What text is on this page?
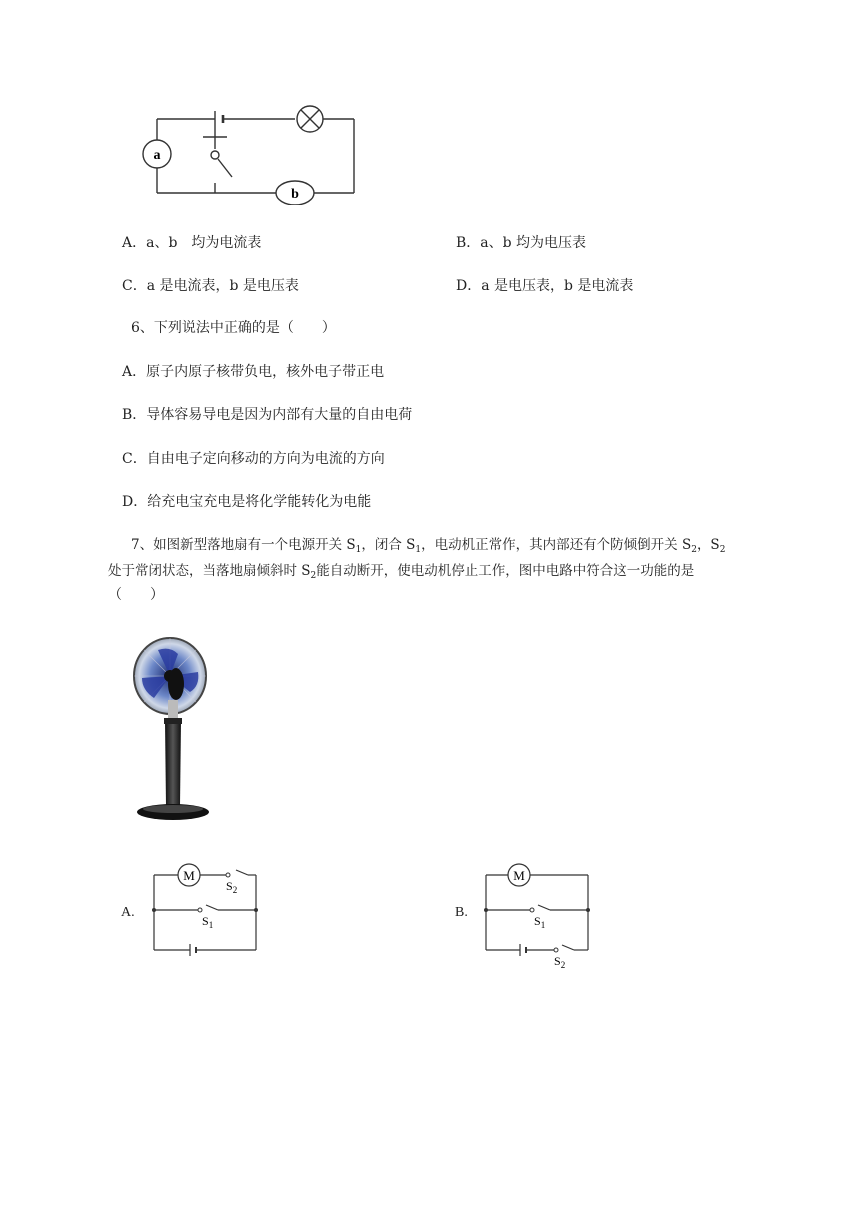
a
b
A．a、b　均为电流表	B．a、b 均为电压表
C．a 是电流表，b 是电压表	D．a 是电压表，b 是电流表
6、下列说法中正确的是（　　）
A．原子内原子核带负电，核外电子带正电
B．导体容易导电是因为内部有大量的自由电荷
C．自由电子定向移动的方向为电流的方向
D．给充电宝充电是将化学能转化为电能
7、如图新型落地扇有一个电源开关 $S_1$，闭合 $S_1$，电动机正常作，其内部还有个防倾倒开关 $S_2$，$S_2$
处于常闭状态，当落地扇倾斜时 $S_2$能自动断开，使电动机停止工作，图中电路中符合这一功能的是
（　　）
A.
M
$S_2$
$S_1$
B.
M
$S_1$
$S_2$
